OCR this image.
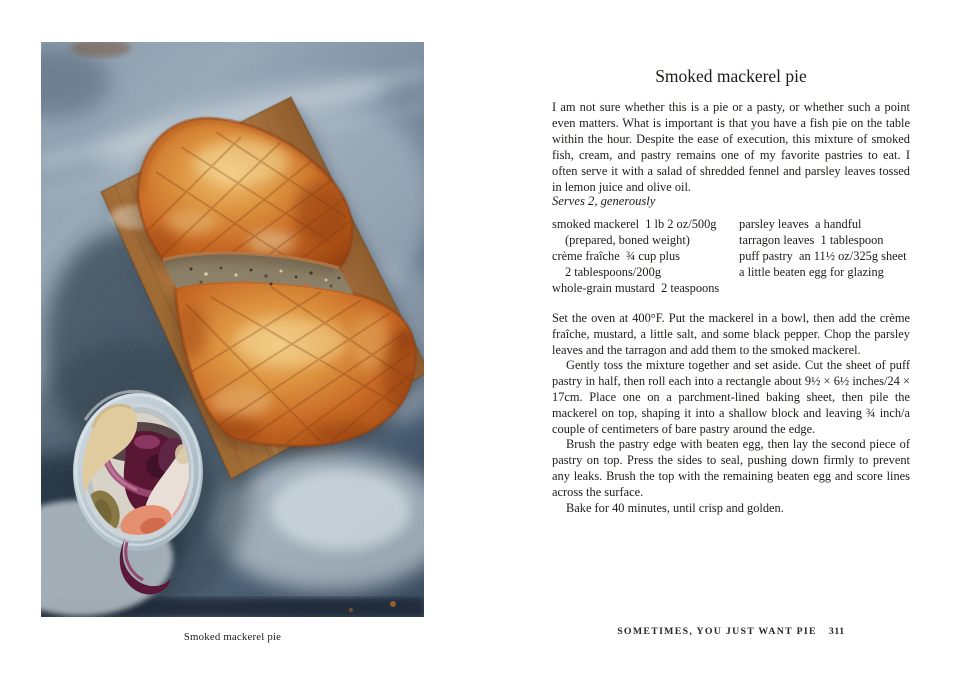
Smoked mackerel pie
Smoked mackerel pie
I am not sure whether this is a pie or a pasty, or whether such a point even matters. What is important is that you have a fish pie on the table within the hour. Despite the ease of execution, this mixture of smoked fish, cream, and pastry remains one of my favorite pastries to eat. I often serve it with a salad of shredded fennel and parsley leaves tossed in lemon juice and olive oil.
Serves 2, generously
smoked mackerel  1 lb 2 oz/500g
(prepared, boned weight)
crème fraîche  ¾ cup plus
2 tablespoons/200g
whole-grain mustard  2 teaspoons
parsley leaves  a handful
tarragon leaves  1 tablespoon
puff pastry  an 11½ oz/325g sheet
a little beaten egg for glazing

Set the oven at 400°F. Put the mackerel in a bowl, then add the crème fraîche, mustard, a little salt, and some black pepper. Chop the parsley leaves and the tarragon and add them to the smoked mackerel.

Gently toss the mixture together and set aside. Cut the sheet of puff pastry in half, then roll each into a rectangle about 9½ × 6½ inches/24 × 17cm. Place one on a parchment-lined baking sheet, then pile the mackerel on top, shaping it into a shallow block and leaving ¾ inch/a couple of centimeters of bare pastry around the edge.

Brush the pastry edge with beaten egg, then lay the second piece of pastry on top. Press the sides to seal, pushing down firmly to prevent any leaks. Brush the top with the remaining beaten egg and score lines across the surface.

Bake for 40 minutes, until crisp and golden.

SOMETIMES, YOU JUST WANT PIE 311
